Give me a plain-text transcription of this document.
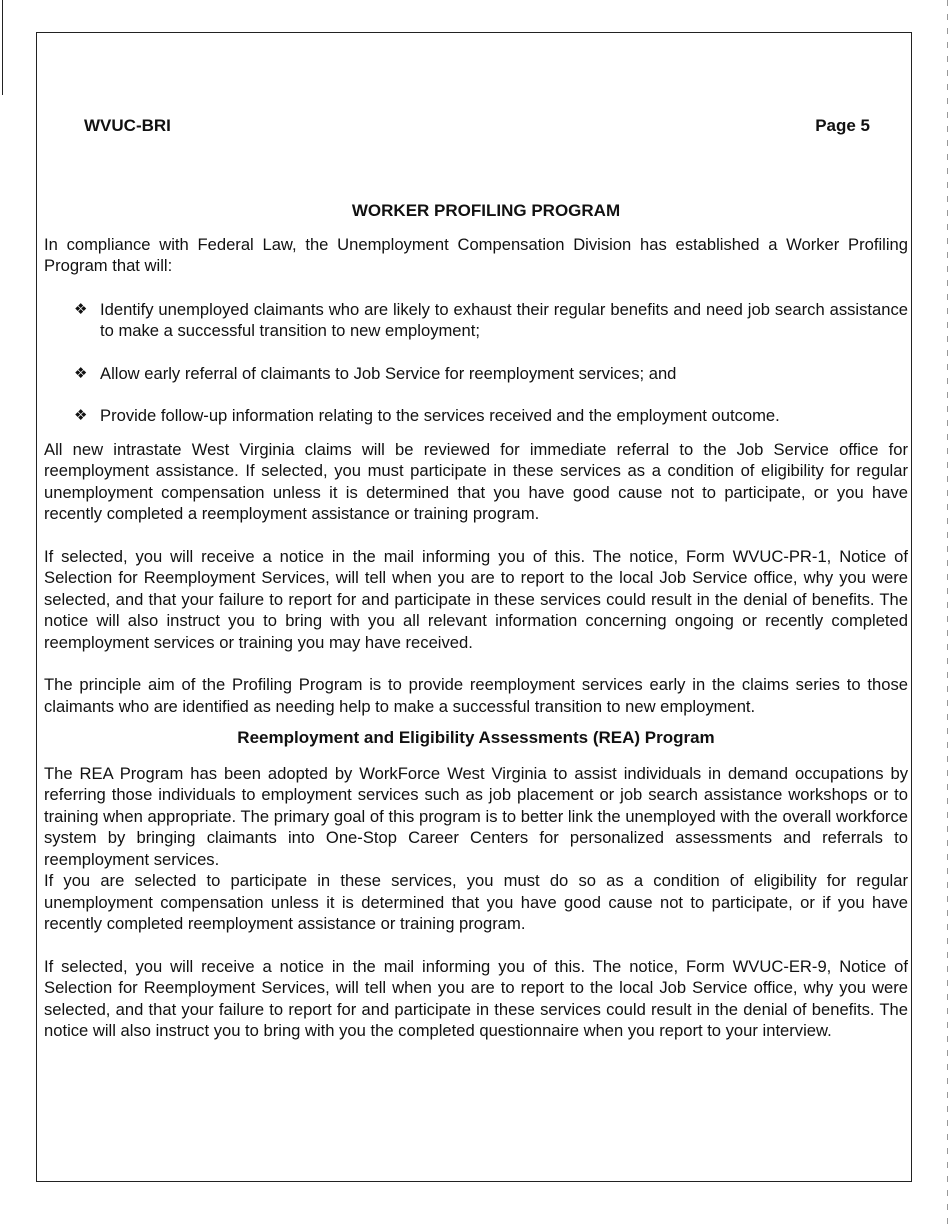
WVUC-BRI	Page 5
WORKER PROFILING PROGRAM

In compliance with Federal Law, the Unemployment Compensation Division has established a Worker Profiling Program that will:

❖ Identify unemployed claimants who are likely to exhaust their regular benefits and need job search assistance to make a successful transition to new employment;
❖ Allow early referral of claimants to Job Service for reemployment services; and
❖ Provide follow-up information relating to the services received and the employment outcome.

All new intrastate West Virginia claims will be reviewed for immediate referral to the Job Service office for reemployment assistance. If selected, you must participate in these services as a condition of eligibility for regular unemployment compensation unless it is determined that you have good cause not to participate, or you have recently completed a reemployment assistance or training program.

If selected, you will receive a notice in the mail informing you of this. The notice, Form WVUC-PR-1, Notice of Selection for Reemployment Services, will tell when you are to report to the local Job Service office, why you were selected, and that your failure to report for and participate in these services could result in the denial of benefits. The notice will also instruct you to bring with you all relevant information concerning ongoing or recently completed reemployment services or training you may have received.

The principle aim of the Profiling Program is to provide reemployment services early in the claims series to those claimants who are identified as needing help to make a successful transition to new employment.

Reemployment and Eligibility Assessments (REA) Program

The REA Program has been adopted by WorkForce West Virginia to assist individuals in demand occupations by referring those individuals to employment services such as job placement or job search assistance workshops or to training when appropriate. The primary goal of this program is to better link the unemployed with the overall workforce system by bringing claimants into One-Stop Career Centers for personalized assessments and referrals to reemployment services.

If you are selected to participate in these services, you must do so as a condition of eligibility for regular unemployment compensation unless it is determined that you have good cause not to participate, or if you have recently completed reemployment assistance or training program.

If selected, you will receive a notice in the mail informing you of this. The notice, Form WVUC-ER-9, Notice of Selection for Reemployment Services, will tell when you are to report to the local Job Service office, why you were selected, and that your failure to report for and participate in these services could result in the denial of benefits. The notice will also instruct you to bring with you the completed questionnaire when you report to your interview.
